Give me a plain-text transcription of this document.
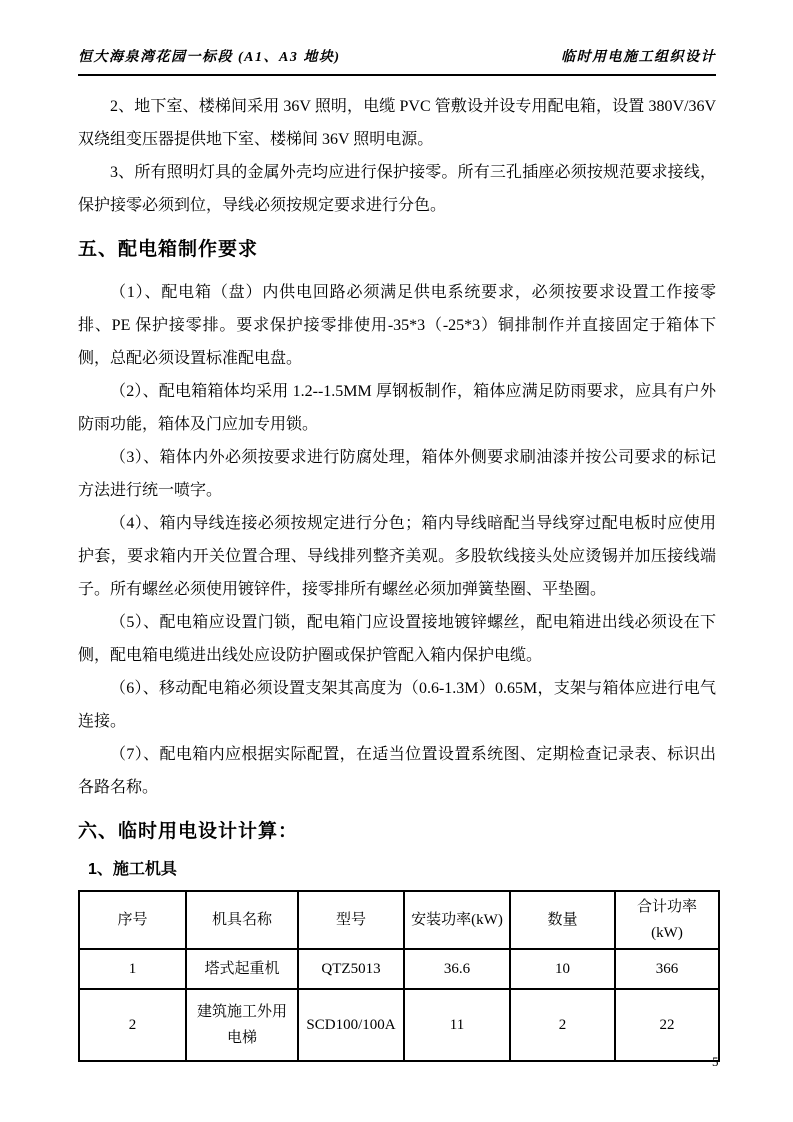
恒大海泉湾花园一标段 (A1、A3 地块)	临时用电施工组织设计

2、地下室、楼梯间采用 36V 照明，电缆 PVC 管敷设并设专用配电箱，设置 380V/36V 双绕组变压器提供地下室、楼梯间 36V 照明电源。

3、所有照明灯具的金属外壳均应进行保护接零。所有三孔插座必须按规范要求接线，保护接零必须到位，导线必须按规定要求进行分色。

五、配电箱制作要求

（1）、配电箱（盘）内供电回路必须满足供电系统要求，必须按要求设置工作接零排、PE 保护接零排。要求保护接零排使用-35*3（-25*3）铜排制作并直接固定于箱体下侧，总配必须设置标准配电盘。

（2）、配电箱箱体均采用 1.2--1.5MM 厚钢板制作，箱体应满足防雨要求，应具有户外防雨功能，箱体及门应加专用锁。

（3）、箱体内外必须按要求进行防腐处理，箱体外侧要求刷油漆并按公司要求的标记方法进行统一喷字。

（4）、箱内导线连接必须按规定进行分色；箱内导线暗配当导线穿过配电板时应使用护套，要求箱内开关位置合理、导线排列整齐美观。多股软线接头处应烫锡并加压接线端子。所有螺丝必须使用镀锌件，接零排所有螺丝必须加弹簧垫圈、平垫圈。

（5）、配电箱应设置门锁，配电箱门应设置接地镀锌螺丝，配电箱进出线必须设在下侧，配电箱电缆进出线处应设防护圈或保护管配入箱内保护电缆。

（6）、移动配电箱必须设置支架其高度为（0.6-1.3M）0.65M，支架与箱体应进行电气连接。

（7）、配电箱内应根据实际配置，在适当位置设置系统图、定期检查记录表、标识出各路名称。

六、临时用电设计计算：
1、施工机具
序号	机具名称	型号	安装功率(kW)	数量	合计功率(kW)
1	塔式起重机	QTZ5013	36.6	10	366
2	建筑施工外用电梯	SCD100/100A	11	2	22
5
